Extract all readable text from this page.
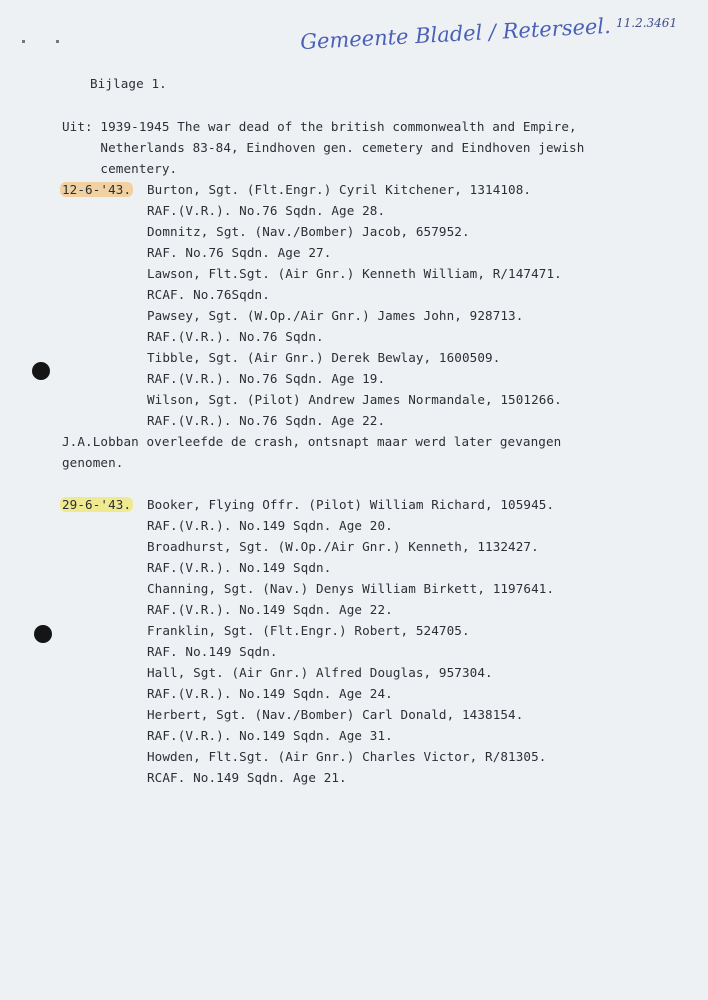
Gemeente Bladel / Reterseel. 11.2.3461
Bijlage 1.
Uit: 1939-1945 The war dead of the british commonwealth and Empire,
Netherlands 83-84, Eindhoven gen. cemetery and Eindhoven jewish
cementery.
12-6-'43. Burton, Sgt. (Flt.Engr.) Cyril Kitchener, 1314108.
RAF.(V.R.). No.76 Sqdn. Age 28.
Domnitz, Sgt. (Nav./Bomber) Jacob, 657952.
RAF. No.76 Sqdn. Age 27.
Lawson, Flt.Sgt. (Air Gnr.) Kenneth William, R/147471.
RCAF. No.76Sqdn.
Pawsey, Sgt. (W.Op./Air Gnr.) James John, 928713.
RAF.(V.R.). No.76 Sqdn.
Tibble, Sgt. (Air Gnr.) Derek Bewlay, 1600509.
RAF.(V.R.). No.76 Sqdn. Age 19.
Wilson, Sgt. (Pilot) Andrew James Normandale, 1501266.
RAF.(V.R.). No.76 Sqdn. Age 22.
J.A.Lobban overleefde de crash, ontsnapt maar werd later gevangen
genomen.
29-6-'43. Booker, Flying Offr. (Pilot) William Richard, 105945.
RAF.(V.R.). No.149 Sqdn. Age 20.
Broadhurst, Sgt. (W.Op./Air Gnr.) Kenneth, 1132427.
RAF.(V.R.). No.149 Sqdn.
Channing, Sgt. (Nav.) Denys William Birkett, 1197641.
RAF.(V.R.). No.149 Sqdn. Age 22.
Franklin, Sgt. (Flt.Engr.) Robert, 524705.
RAF. No.149 Sqdn.
Hall, Sgt. (Air Gnr.) Alfred Douglas, 957304.
RAF.(V.R.). No.149 Sqdn. Age 24.
Herbert, Sgt. (Nav./Bomber) Carl Donald, 1438154.
RAF.(V.R.). No.149 Sqdn. Age 31.
Howden, Flt.Sgt. (Air Gnr.) Charles Victor, R/81305.
RCAF. No.149 Sqdn. Age 21.
